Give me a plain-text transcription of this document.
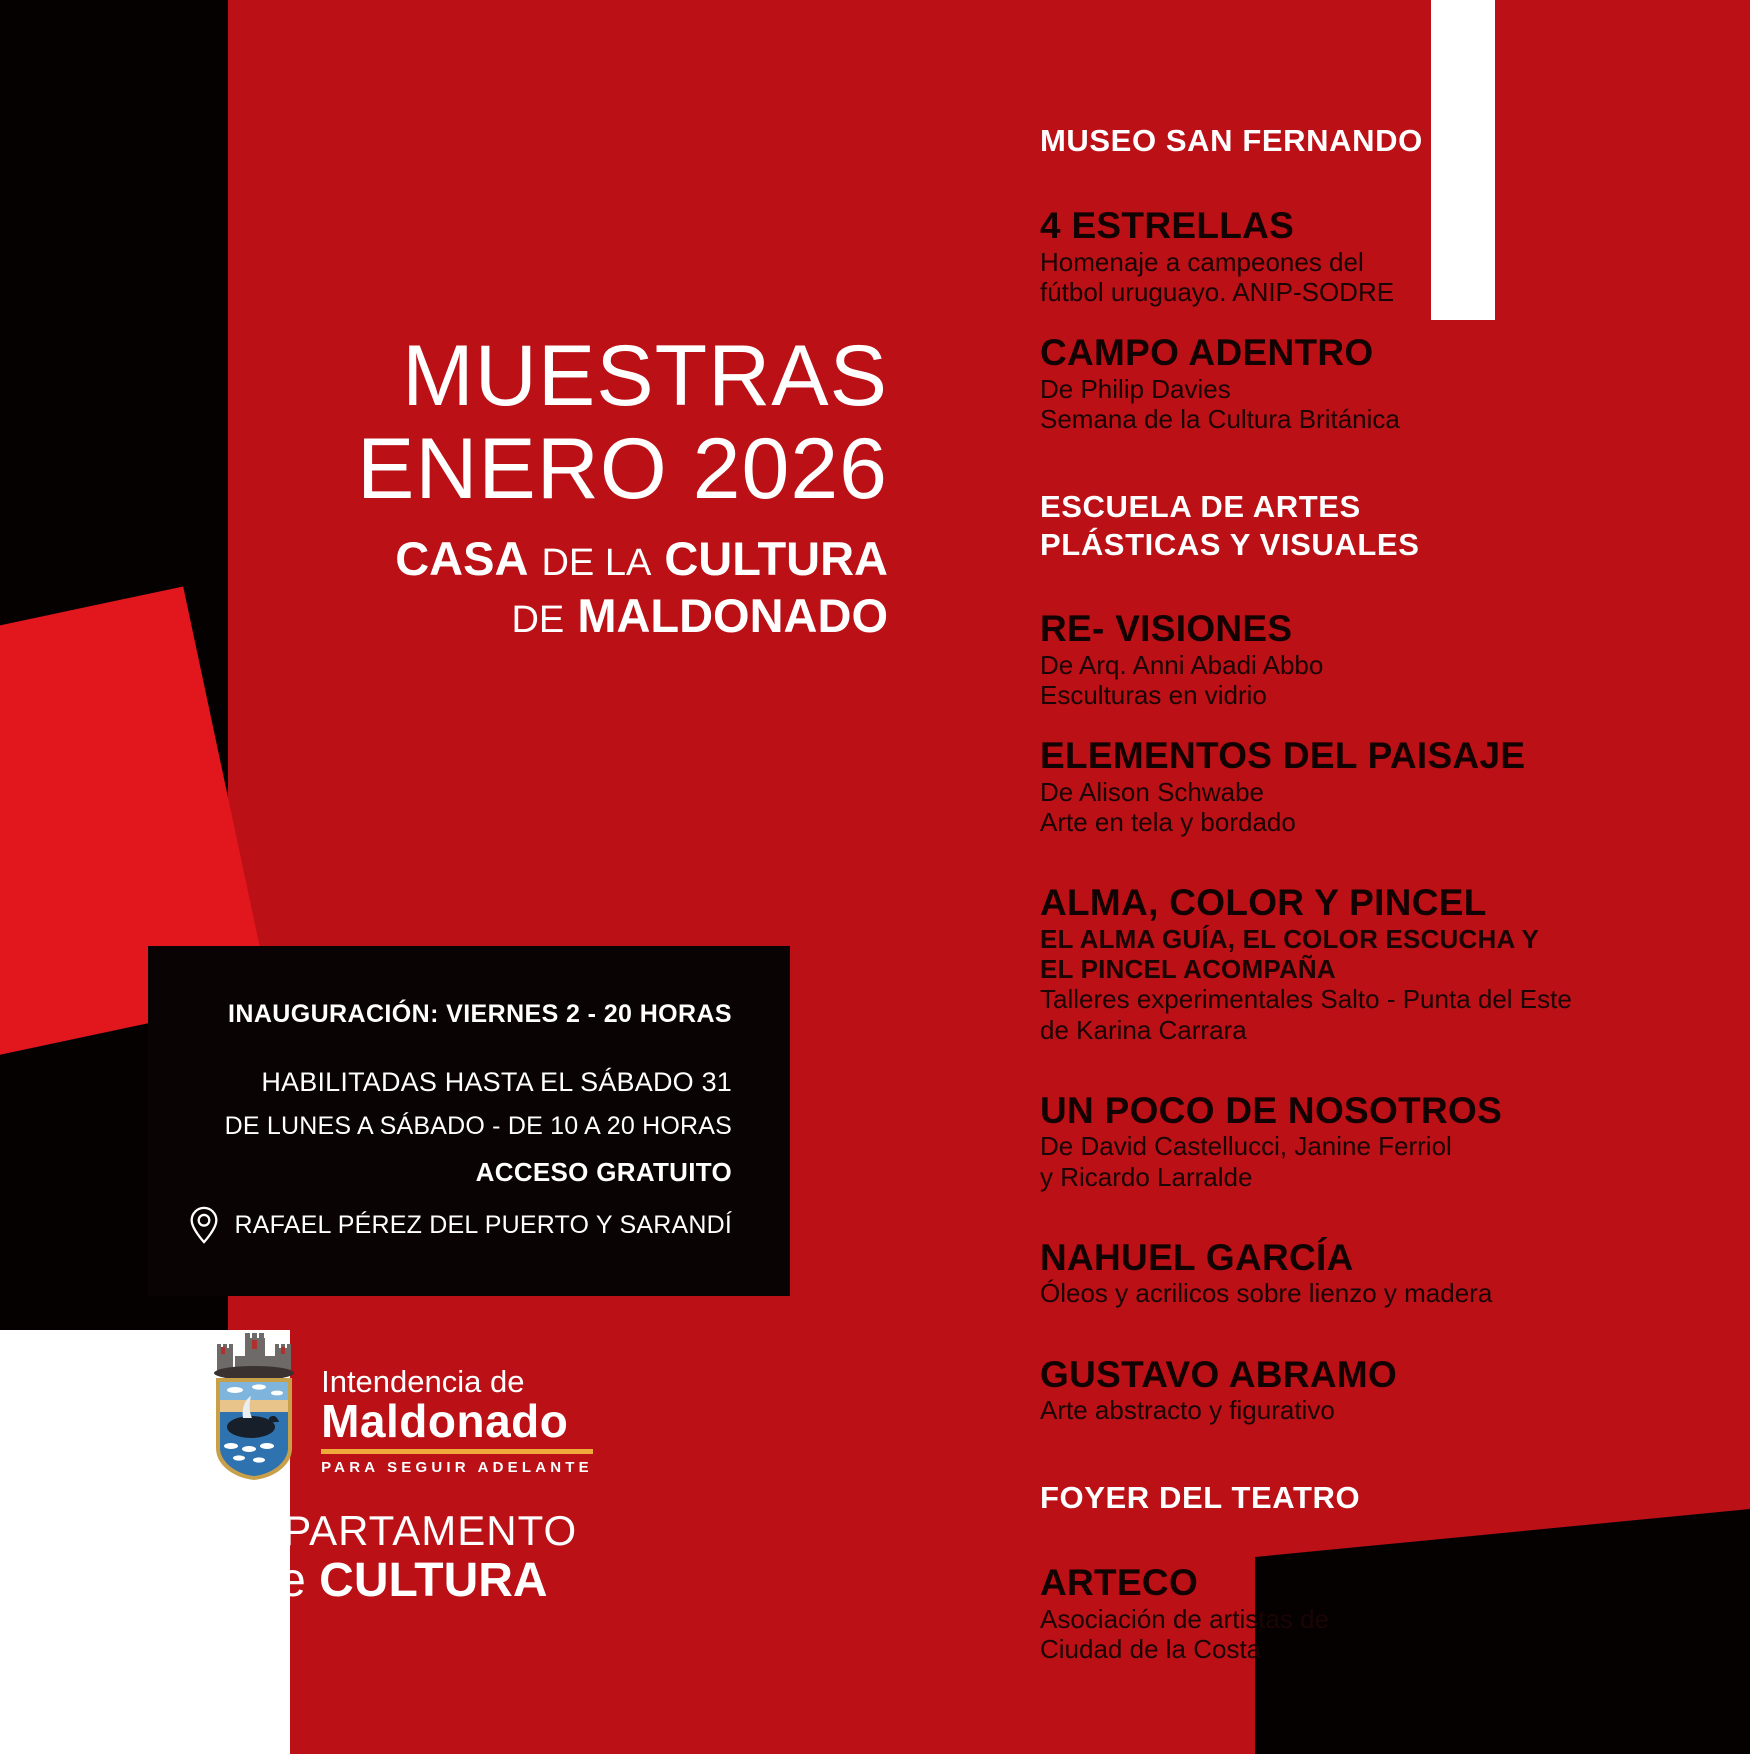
MUESTRAS
ENERO 2026
CASA DE LA CULTURA
DE MALDONADO
INAUGURACIÓN: VIERNES 2 - 20 HORAS
HABILITADAS HASTA EL SÁBADO 31
DE LUNES A SÁBADO - DE 10 A 20 HORAS
ACCESO GRATUITO
RAFAEL PÉREZ DEL PUERTO Y SARANDÍ
Intendencia de
Maldonado
PARA SEGUIR ADELANTE
DEPARTAMENTO
de CULTURA
MUSEO SAN FERNANDO
4 ESTRELLAS
Homenaje a campeones del
fútbol uruguayo. ANIP-SODRE
CAMPO ADENTRO
De Philip Davies
Semana de la Cultura Británica
ESCUELA DE ARTES
PLÁSTICAS Y VISUALES
RE- VISIONES
De Arq. Anni Abadi Abbo
Esculturas en vidrio
ELEMENTOS DEL PAISAJE
De Alison Schwabe
Arte en tela y bordado
ALMA, COLOR Y PINCEL
EL ALMA GUÍA, EL COLOR ESCUCHA Y
EL PINCEL ACOMPAÑA
Talleres experimentales Salto - Punta del Este
de Karina Carrara
UN POCO DE NOSOTROS
De David Castellucci, Janine Ferriol
y Ricardo Larralde
NAHUEL GARCÍA
Óleos y acrilicos sobre lienzo y madera
GUSTAVO ABRAMO
Arte abstracto y figurativo
FOYER DEL TEATRO
ARTECO
Asociación de artistas de
Ciudad de la Costa
